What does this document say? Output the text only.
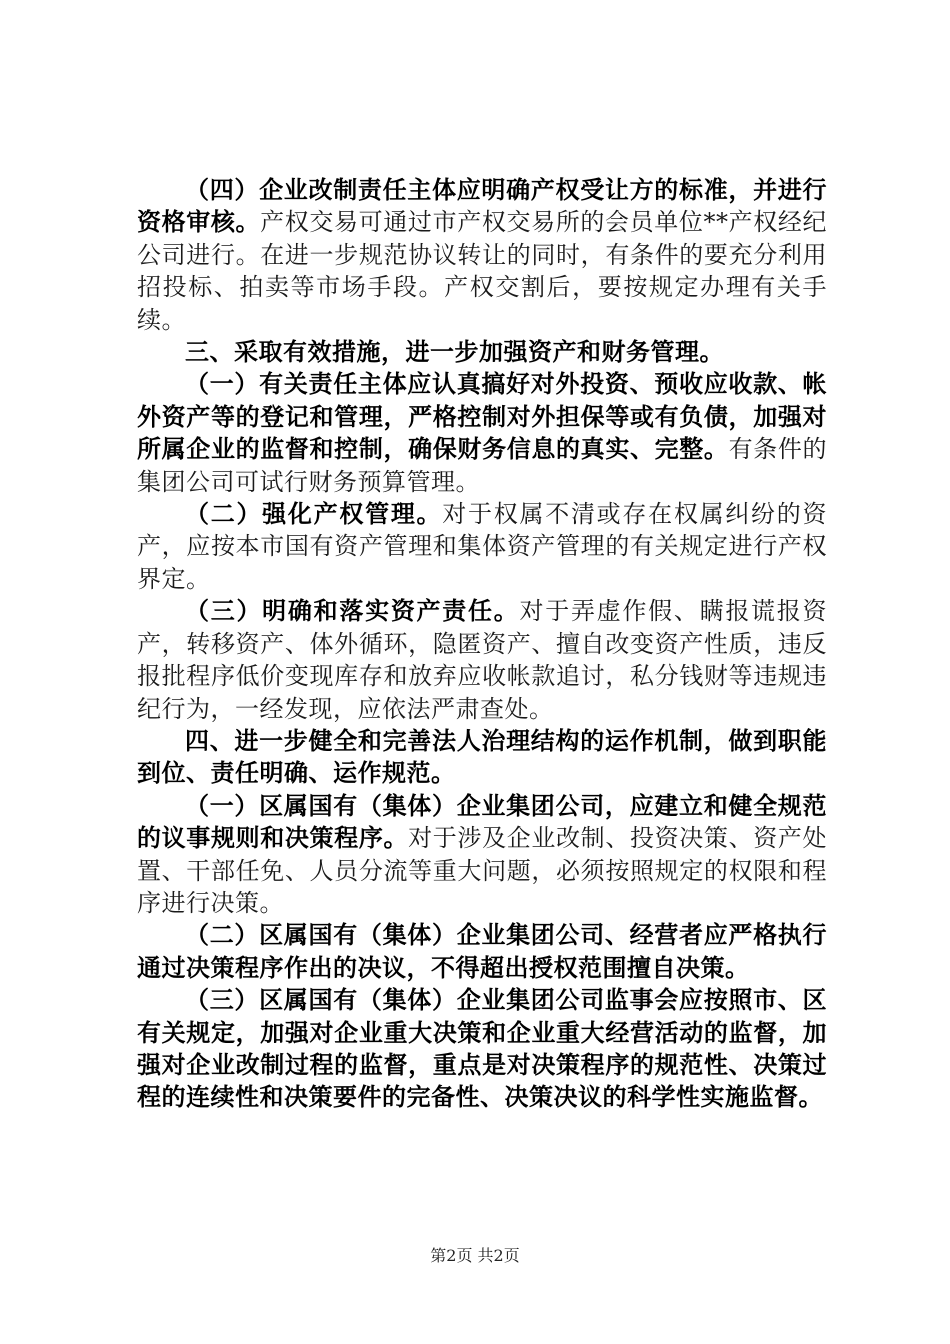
（四）企业改制责任主体应明确产权受让方的标准，并进行资格审核。产权交易可通过市产权交易所的会员单位**产权经纪公司进行。在进一步规范协议转让的同时，有条件的要充分利用招投标、拍卖等市场手段。产权交割后，要按规定办理有关手续。

三、采取有效措施，进一步加强资产和财务管理。

（一）有关责任主体应认真搞好对外投资、预收应收款、帐外资产等的登记和管理，严格控制对外担保等或有负债，加强对所属企业的监督和控制，确保财务信息的真实、完整。有条件的集团公司可试行财务预算管理。

（二）强化产权管理。对于权属不清或存在权属纠纷的资产，应按本市国有资产管理和集体资产管理的有关规定进行产权界定。

（三）明确和落实资产责任。对于弄虚作假、瞒报谎报资产，转移资产、体外循环，隐匿资产、擅自改变资产性质，违反报批程序低价变现库存和放弃应收帐款追讨，私分钱财等违规违纪行为，一经发现，应依法严肃查处。

四、进一步健全和完善法人治理结构的运作机制，做到职能到位、责任明确、运作规范。

（一）区属国有（集体）企业集团公司，应建立和健全规范的议事规则和决策程序。对于涉及企业改制、投资决策、资产处置、干部任免、人员分流等重大问题，必须按照规定的权限和程序进行决策。

（二）区属国有（集体）企业集团公司、经营者应严格执行通过决策程序作出的决议，不得超出授权范围擅自决策。

（三）区属国有（集体）企业集团公司监事会应按照市、区有关规定，加强对企业重大决策和企业重大经营活动的监督，加强对企业改制过程的监督，重点是对决策程序的规范性、决策过程的连续性和决策要件的完备性、决策决议的科学性实施监督。

第2页 共2页
